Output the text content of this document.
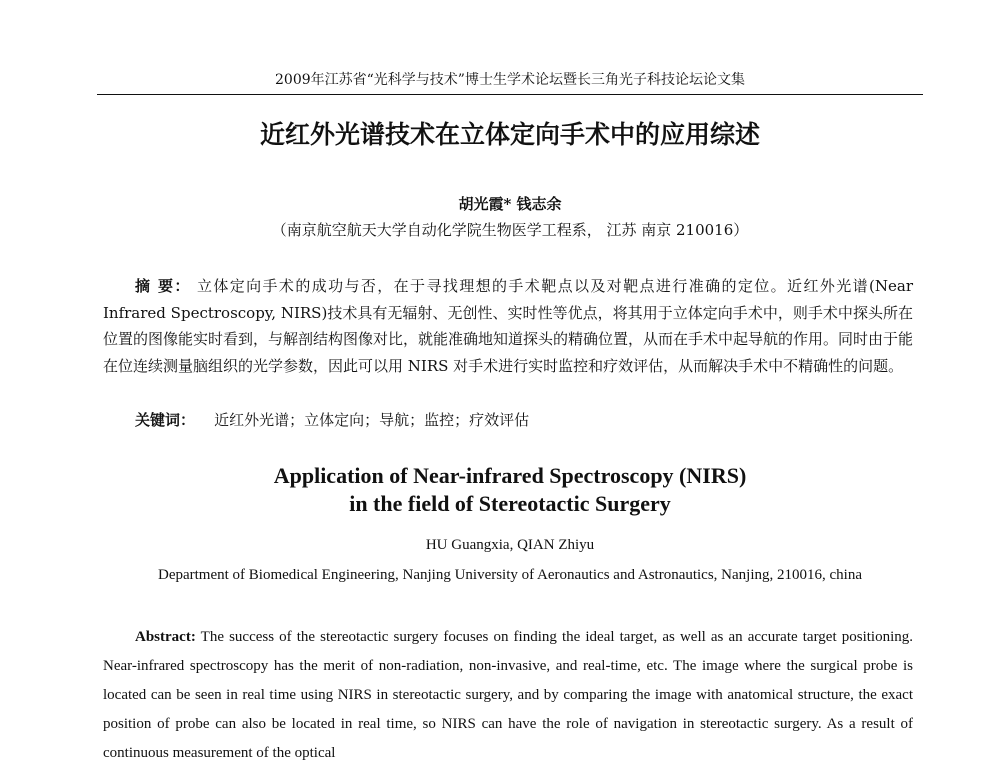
2009年江苏省“光科学与技术”博士生学术论坛暨长三角光子科技论坛论文集
近红外光谱技术在立体定向手术中的应用综述
胡光霞* 钱志余
（南京航空航天大学自动化学院生物医学工程系， 江苏 南京 210016）
摘 要： 立体定向手术的成功与否，在于寻找理想的手术靶点以及对靶点进行准确的定位。近红外光谱(Near Infrared Spectroscopy, NIRS)技术具有无辐射、无创性、实时性等优点，将其用于立体定向手术中，则手术中探头所在位置的图像能实时看到，与解剖结构图像对比，就能准确地知道探头的精确位置，从而在手术中起导航的作用。同时由于能在位连续测量脑组织的光学参数，因此可以用 NIRS 对手术进行实时监控和疗效评估，从而解决手术中不精确性的问题。
关键词： 近红外光谱；立体定向；导航；监控；疗效评估
Application of Near-infrared Spectroscopy (NIRS)
in the field of Stereotactic Surgery
HU Guangxia, QIAN Zhiyu
Department of Biomedical Engineering, Nanjing University of Aeronautics and Astronautics, Nanjing, 210016, china
Abstract: The success of the stereotactic surgery focuses on finding the ideal target, as well as an accurate target positioning. Near-infrared spectroscopy has the merit of non-radiation, non-invasive, and real-time, etc. The image where the surgical probe is located can be seen in real time using NIRS in stereotactic surgery, and by comparing the image with anatomical structure, the exact position of probe can also be located in real time, so NIRS can have the role of navigation in stereotactic surgery. As a result of continuous measurement of the optical
